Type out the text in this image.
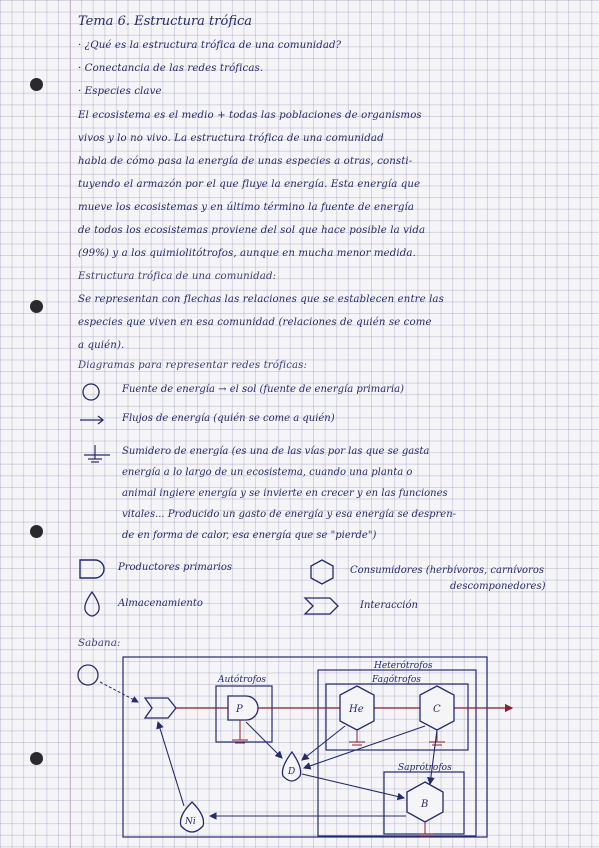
Tema 6. Estructura trófica
· ¿Qué es la estructura trófica de una comunidad?
· Conectancia de las redes tróficas.
· Especies clave
El ecosistema es el medio + todas las poblaciones de organismos
vivos y lo no vivo. La estructura trófica de una comunidad
habla de cómo pasa la energía de unas especies a otras, consti-
tuyendo el armazón por el que fluye la energía. Esta energía que
mueve los ecosistemas y en último término la fuente de energía
de todos los ecosistemas proviene del sol que hace posible la vida
(99%) y a los quimiolitótrofos, aunque en mucha menor medida.
Estructura trófica de una comunidad:
Se representan con flechas las relaciones que se establecen entre las
especies que viven en esa comunidad (relaciones de quién se come
a quién).
Diagramas para representar redes tróficas:
Fuente de energía → el sol (fuente de energía primaria)
Flujos de energía (quién se come a quién)
Sumidero de energía (es una de las vías por las que se gasta
energía a lo largo de un ecosistema, cuando una planta o
animal ingiere energía y se invierte en crecer y en las funciones
vitales... Producido un gasto de energía y esa energía se despren-
de en forma de calor, esa energía que se "pierde")
Productores primarios	Consumidores (herbívoros, carnívoros
descomponedores)
Almacenamiento	Interacción
Sabana:
Heterótrofos
Fagótrofos
Autótrofos
Saprótrofos
P	He	C
D
B
Ni
